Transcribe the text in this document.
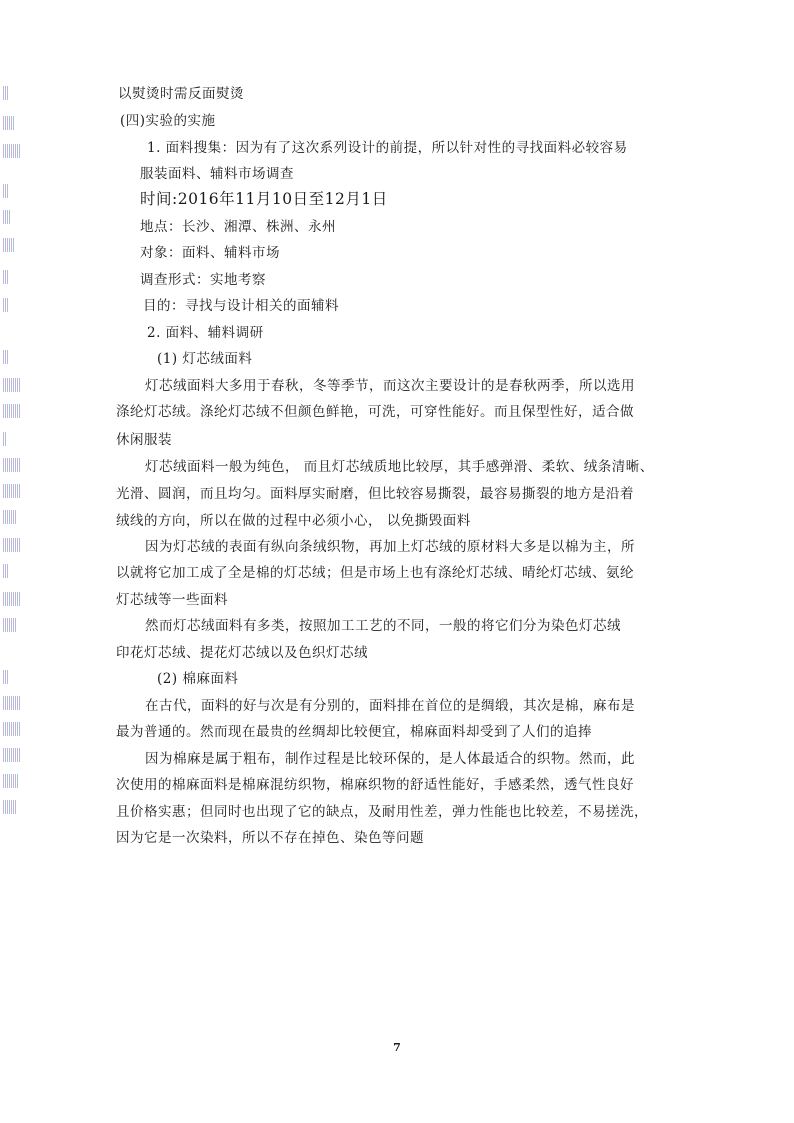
以熨烫时需反面熨烫
(四)实验的实施
1. 面料搜集：因为有了这次系列设计的前提，所以针对性的寻找面料必较容易
服装面料、辅料市场调查
时间:2016年11月10日至12月1日
地点：长沙、湘潭、株洲、永州
对象：面料、辅料市场
调查形式：实地考察
目的：寻找与设计相关的面辅料
2. 面料、辅料调研
(1) 灯芯绒面料
灯芯绒面料大多用于春秋，冬等季节，而这次主要设计的是春秋两季，所以选用
涤纶灯芯绒。涤纶灯芯绒不但颜色鲜艳，可洗，可穿性能好。而且保型性好，适合做
休闲服装
灯芯绒面料一般为纯色， 而且灯芯绒质地比较厚，其手感弹滑、柔软、绒条清晰、
光滑、圆润，而且均匀。面料厚实耐磨，但比较容易撕裂，最容易撕裂的地方是沿着
绒线的方向，所以在做的过程中必须小心， 以免撕毁面料
因为灯芯绒的表面有纵向条绒织物，再加上灯芯绒的原材料大多是以棉为主，所
以就将它加工成了全是棉的灯芯绒；但是市场上也有涤纶灯芯绒、晴纶灯芯绒、氨纶
灯芯绒等一些面料
然而灯芯绒面料有多类，按照加工工艺的不同，一般的将它们分为染色灯芯绒
印花灯芯绒、提花灯芯绒以及色织灯芯绒
(2) 棉麻面料
在古代，面料的好与次是有分别的，面料排在首位的是绸缎，其次是棉，麻布是
最为普通的。然而现在最贵的丝绸却比较便宜，棉麻面料却受到了人们的追捧
因为棉麻是属于粗布，制作过程是比较环保的，是人体最适合的织物。然而，此
次使用的棉麻面料是棉麻混纺织物，棉麻织物的舒适性能好，手感柔然，透气性良好
且价格实惠；但同时也出现了它的缺点，及耐用性差，弹力性能也比较差，不易搓洗，
因为它是一次染料，所以不存在掉色、染色等问题
7
